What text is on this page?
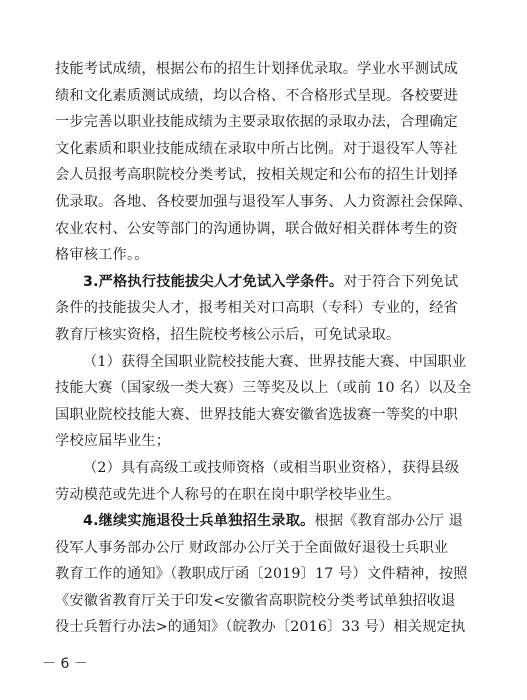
技能考试成绩，根据公布的招生计划择优录取。学业水平测试成
绩和文化素质测试成绩，均以合格、不合格形式呈现。各校要进
一步完善以职业技能成绩为主要录取依据的录取办法，合理确定
文化素质和职业技能成绩在录取中所占比例。对于退役军人等社
会人员报考高职院校分类考试，按相关规定和公布的招生计划择
优录取。各地、各校要加强与退役军人事务、人力资源社会保障、
农业农村、公安等部门的沟通协调，联合做好相关群体考生的资
格审核工作。。

3.严格执行技能拔尖人才免试入学条件。对于符合下列免试
条件的技能拔尖人才，报考相关对口高职（专科）专业的，经省
教育厅核实资格，招生院校考核公示后，可免试录取。

（1）获得全国职业院校技能大赛、世界技能大赛、中国职业
技能大赛（国家级一类大赛）三等奖及以上（或前 10 名）以及全
国职业院校技能大赛、世界技能大赛安徽省选拔赛一等奖的中职
学校应届毕业生；

（2）具有高级工或技师资格（或相当职业资格），获得县级
劳动模范或先进个人称号的在职在岗中职学校毕业生。

4.继续实施退役士兵单独招生录取。根据《教育部办公厅 退
役军人事务部办公厅 财政部办公厅关于全面做好退役士兵职业
教育工作的通知》（教职成厅函〔2019〕17 号）文件精神，按照
《安徽省教育厅关于印发<安徽省高职院校分类考试单独招收退
役士兵暂行办法>的通知》（皖教办〔2016〕33 号）相关规定执

－ 6 －
